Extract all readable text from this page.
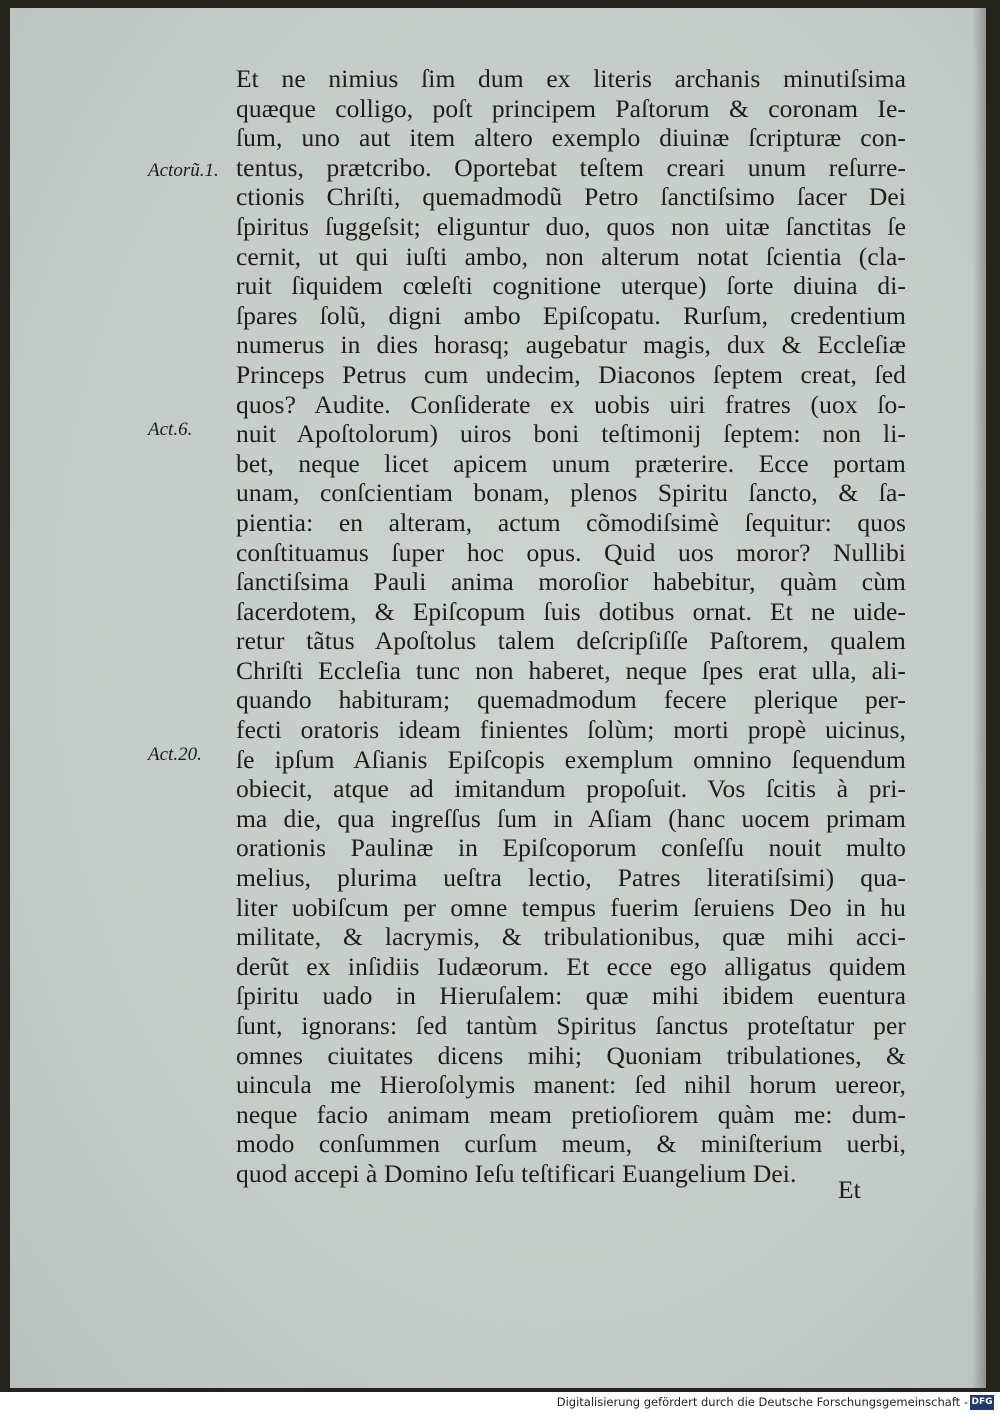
Actorũ.1.
Act.6.
Act.20.
Et ne nimius ſim dum ex literis archanis minutiſsima
quæque colligo, poſt principem Paſtorum & coronam Ie-
ſum, uno aut item altero exemplo diuinæ ſcripturæ con-
tentus, prætcribo. Oportebat teſtem creari unum reſurre-
ctionis Chriſti, quemadmodũ Petro ſanctiſsimo ſacer Dei
ſpiritus ſuggeſsit; eliguntur duo, quos non uitæ ſanctitas ſe
cernit, ut qui iuſti ambo, non alterum notat ſcientia (cla-
ruit ſiquidem cœleſti cognitione uterque) ſorte diuina di-
ſpares ſolũ, digni ambo Epiſcopatu. Rurſum, credentium
numerus in dies horasq; augebatur magis, dux & Eccleſiæ
Princeps Petrus cum undecim, Diaconos ſeptem creat, ſed
quos? Audite. Conſiderate ex uobis uiri fratres (uox ſo-
nuit Apoſtolorum) uiros boni teſtimonij ſeptem: non li-
bet, neque licet apicem unum præterire. Ecce portam
unam, conſcientiam bonam, plenos Spiritu ſancto, & ſa-
pientia: en alteram, actum cõmodiſsimè ſequitur: quos
conſtituamus ſuper hoc opus. Quid uos moror? Nullibi
ſanctiſsima Pauli anima moroſior habebitur, quàm cùm
ſacerdotem, & Epiſcopum ſuis dotibus ornat. Et ne uide-
retur tãtus Apoſtolus talem deſcripſiſſe Paſtorem, qualem
Chriſti Eccleſia tunc non haberet, neque ſpes erat ulla, ali-
quando habituram; quemadmodum fecere plerique per-
fecti oratoris ideam finientes ſolùm; morti propè uicinus,
ſe ipſum Aſianis Epiſcopis exemplum omnino ſequendum
obiecit, atque ad imitandum propoſuit. Vos ſcitis à pri-
ma die, qua ingreſſus ſum in Aſiam (hanc uocem primam
orationis Paulinæ in Epiſcoporum conſeſſu nouit multo
melius, plurima ueſtra lectio, Patres literatiſsimi) qua-
liter uobiſcum per omne tempus fuerim ſeruiens Deo in hu
militate, & lacrymis, & tribulationibus, quæ mihi acci-
derũt ex inſidiis Iudæorum. Et ecce ego alligatus quidem
ſpiritu uado in Hieruſalem: quæ mihi ibidem euentura
ſunt, ignorans: ſed tantùm Spiritus ſanctus proteſtatur per
omnes ciuitates dicens mihi; Quoniam tribulationes, &
uincula me Hieroſolymis manent: ſed nihil horum uereor,
neque facio animam meam pretioſiorem quàm me: dum-
modo conſummen curſum meum, & miniſterium uerbi,
quod accepi à Domino Ieſu teſtificari Euangelium Dei.
Et
Digitalisierung gefördert durch die Deutsche Forschungsgemeinschaft - DFG
